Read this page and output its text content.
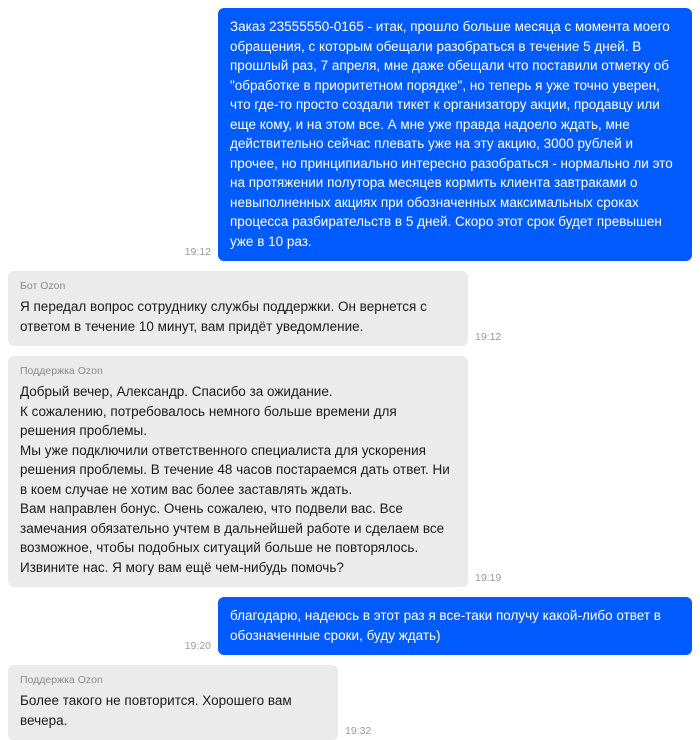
19:12
Заказ 23555550-0165 - итак, прошло больше месяца с момента моего обращения, с которым обещали разобраться в течение 5 дней. В прошлый раз, 7 апреля, мне даже обещали что поставили отметку об "обработке в приоритетном порядке", но теперь я уже точно уверен, что где-то просто создали тикет к организатору акции, продавцу или еще кому, и на этом все. А мне уже правда надоело ждать, мне действительно сейчас плевать уже на эту акцию, 3000 рублей и прочее, но принципиально интересно разобраться - нормально ли это на протяжении полутора месяцев кормить клиента завтраками о невыполненных акциях при обозначенных максимальных сроках процесса разбирательств в 5 дней. Скоро этот срок будет превышен уже в 10 раз.
Бот Ozon
Я передал вопрос сотруднику службы поддержки. Он вернется с ответом в течение 10 минут, вам придёт уведомление.
19:12
Поддержка Ozon
Добрый вечер, Александр. Спасибо за ожидание.
К сожалению, потребовалось немного больше времени для решения проблемы.
Мы уже подключили ответственного специалиста для ускорения решения проблемы. В течение 48 часов постараемся дать ответ. Ни в коем случае не хотим вас более заставлять ждать.
Вам направлен бонус. Очень сожалею, что подвели вас. Все замечания обязательно учтем в дальнейшей работе и сделаем все возможное, чтобы подобных ситуаций больше не повторялось. Извините нас. Я могу вам ещё чем-нибудь помочь?
19:19
19:20
благодарю, надеюсь в этот раз я все-таки получу какой-либо ответ в обозначенные сроки, буду ждать)
Поддержка Ozon
Более такого не повторится. Хорошего вам вечера.
19:32
